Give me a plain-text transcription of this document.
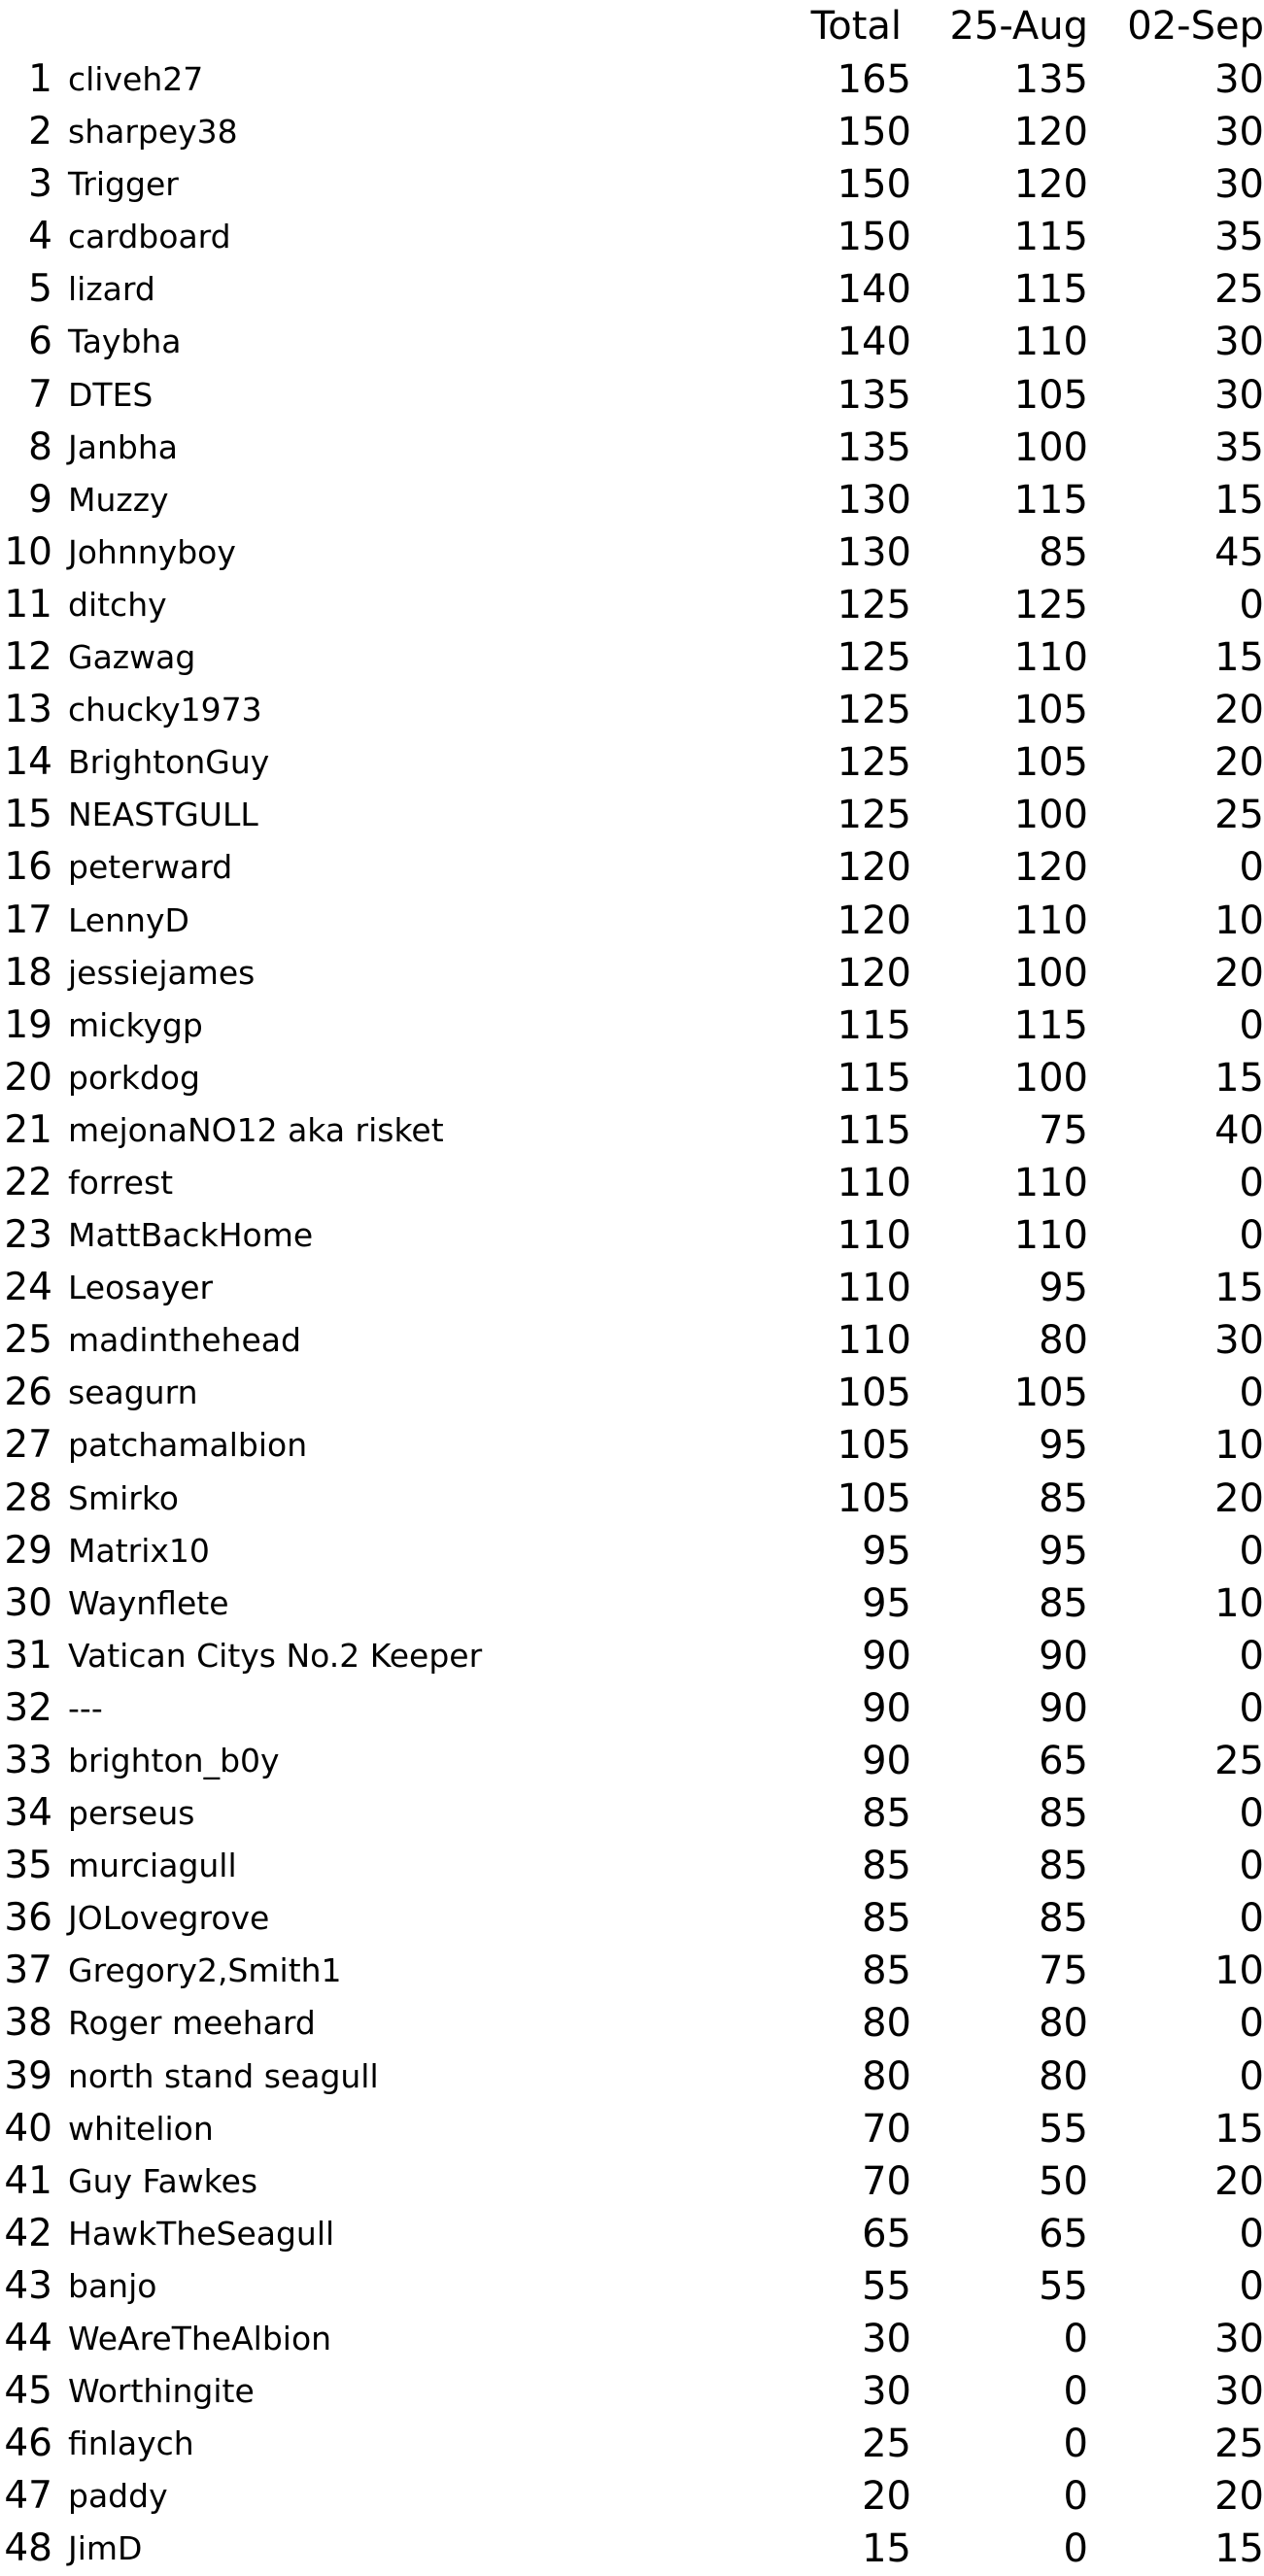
Total	25-Aug	02-Sep
1 cliveh27	165	135	30
2 sharpey38	150	120	30
3 Trigger	150	120	30
4 cardboard	150	115	35
5 lizard	140	115	25
6 Taybha	140	110	30
7 DTES	135	105	30
8 Janbha	135	100	35
9 Muzzy	130	115	15
10 Johnnyboy	130	85	45
11 ditchy	125	125	0
12 Gazwag	125	110	15
13 chucky1973	125	105	20
14 BrightonGuy	125	105	20
15 NEASTGULL	125	100	25
16 peterward	120	120	0
17 LennyD	120	110	10
18 jessiejames	120	100	20
19 mickygp	115	115	0
20 porkdog	115	100	15
21 mejonaNO12 aka risket	115	75	40
22 forrest	110	110	0
23 MattBackHome	110	110	0
24 Leosayer	110	95	15
25 madinthehead	110	80	30
26 seagurn	105	105	0
27 patchamalbion	105	95	10
28 Smirko	105	85	20
29 Matrix10	95	95	0
30 Waynflete	95	85	10
31 Vatican Citys No.2 Keeper	90	90	0
32 ---	90	90	0
33 brighton_b0y	90	65	25
34 perseus	85	85	0
35 murciagull	85	85	0
36 JOLovegrove	85	85	0
37 Gregory2,Smith1	85	75	10
38 Roger meehard	80	80	0
39 north stand seagull	80	80	0
40 whitelion	70	55	15
41 Guy Fawkes	70	50	20
42 HawkTheSeagull	65	65	0
43 banjo	55	55	0
44 WeAreTheAlbion	30	0	30
45 Worthingite	30	0	30
46 finlaych	25	0	25
47 paddy	20	0	20
48 JimD	15	0	15
